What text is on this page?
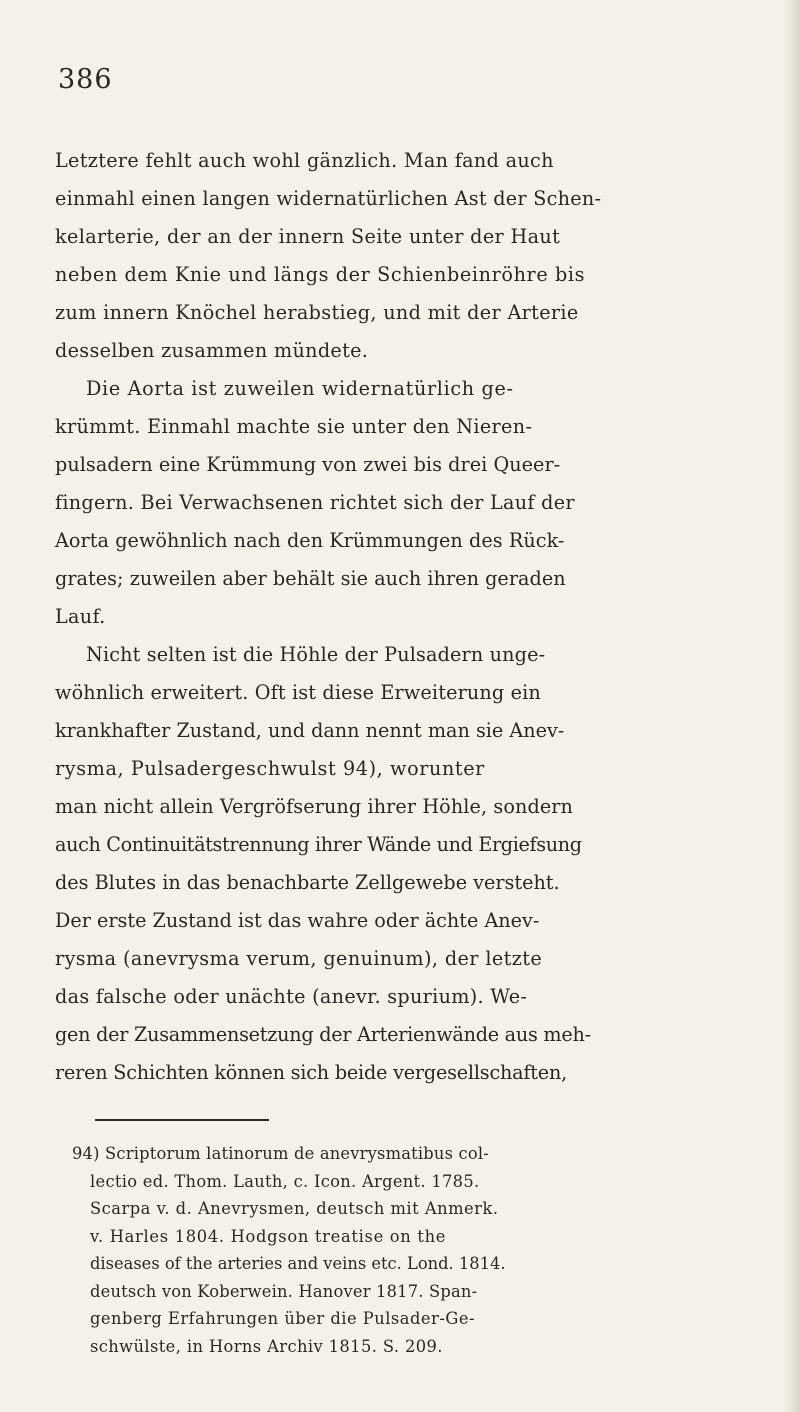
386
Letztere fehlt auch wohl gänzlich. Man fand auch
einmahl einen langen widernatürlichen Ast der Schen-
kelarterie, der an der innern Seite unter der Haut
neben dem Knie und längs der Schienbeinröhre bis
zum innern Knöchel herabstieg, und mit der Arterie
desselben zusammen mündete.
Die Aorta ist zuweilen widernatürlich ge-
krümmt. Einmahl machte sie unter den Nieren-
pulsadern eine Krümmung von zwei bis drei Queer-
fingern. Bei Verwachsenen richtet sich der Lauf der
Aorta gewöhnlich nach den Krümmungen des Rück-
grates; zuweilen aber behält sie auch ihren geraden
Lauf.
Nicht selten ist die Höhle der Pulsadern unge-
wöhnlich erweitert. Oft ist diese Erweiterung ein
krankhafter Zustand, und dann nennt man sie Anev-
rysma, Pulsadergeschwulst 94), worunter
man nicht allein Vergröfserung ihrer Höhle, sondern
auch Continuitätstrennung ihrer Wände und Ergiefsung
des Blutes in das benachbarte Zellgewebe versteht.
Der erste Zustand ist das wahre oder ächte Anev-
rysma (anevrysma verum, genuinum), der letzte
das falsche oder unächte (anevr. spurium). We-
gen der Zusammensetzung der Arterienwände aus meh-
reren Schichten können sich beide vergesellschaften,
94) Scriptorum latinorum de anevrysmatibus col-
lectio ed. Thom. Lauth, c. Icon. Argent. 1785.
Scarpa v. d. Anevrysmen, deutsch mit Anmerk.
v. Harles 1804. Hodgson treatise on the
diseases of the arteries and veins etc. Lond. 1814.
deutsch von Koberwein. Hanover 1817. Span-
genberg Erfahrungen über die Pulsader-Ge-
schwülste, in Horns Archiv 1815. S. 209.
